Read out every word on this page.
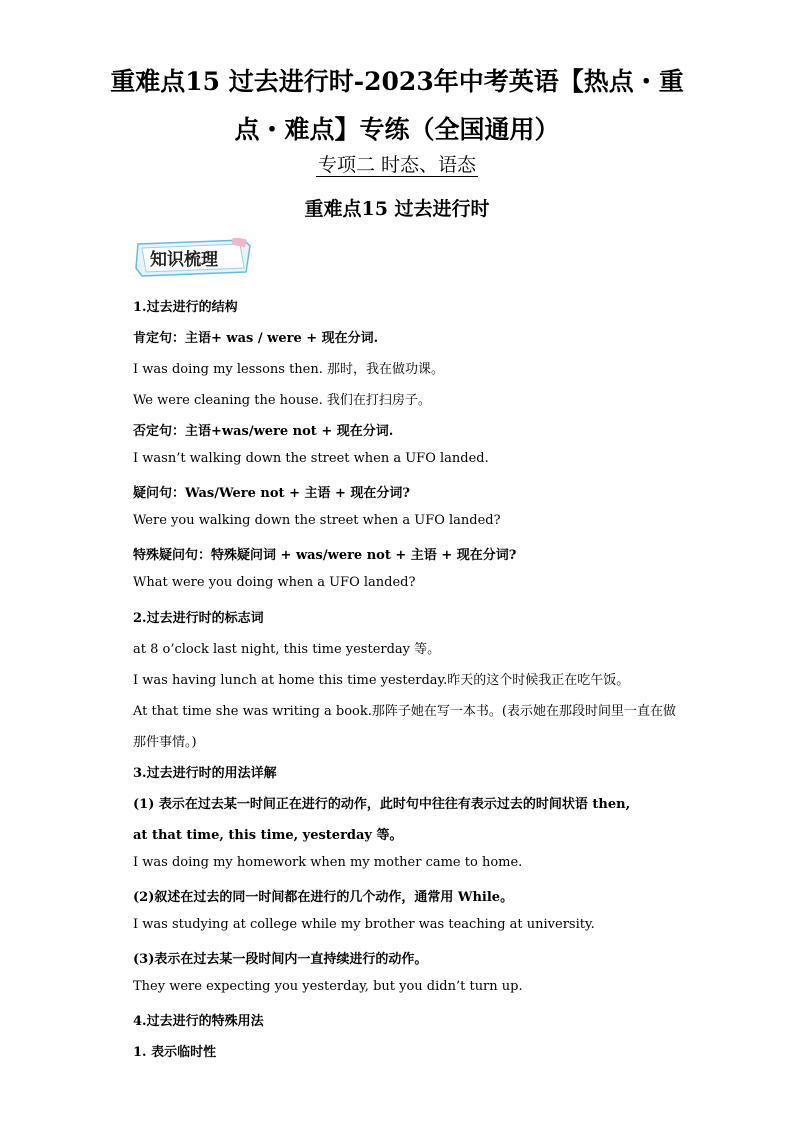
重难点15 过去进行时-2023年中考英语【热点・重
点・难点】专练（全国通用）
专项二 时态、语态
重难点15 过去进行时
知识梳理
1.过去进行的结构
肯定句：主语+ was / were + 现在分词.
I was doing my lessons then. 那时，我在做功课。
We were cleaning the house. 我们在打扫房子。
否定句：主语+was/were not + 现在分词.
I wasn’t walking down the street when a UFO landed.
疑问句：Was/Were not + 主语 + 现在分词?
Were you walking down the street when a UFO landed?
特殊疑问句：特殊疑问词 + was/were not + 主语 + 现在分词?
What were you doing when a UFO landed?
2.过去进行时的标志词
at 8 o’clock last night, this time yesterday 等。
I was having lunch at home this time yesterday.昨天的这个时候我正在吃午饭。
At that time she was writing a book.那阵子她在写一本书。(表示她在那段时间里一直在做
那件事情。)
3.过去进行时的用法详解
(1) 表示在过去某一时间正在进行的动作，此时句中往往有表示过去的时间状语 then,
at that time, this time, yesterday 等。
I was doing my homework when my mother came to home.
(2)叙述在过去的同一时间都在进行的几个动作，通常用 While。
I was studying at college while my brother was teaching at university.
(3)表示在过去某一段时间内一直持续进行的动作。
They were expecting you yesterday, but you didn’t turn up.
4.过去进行的特殊用法
1. 表示临时性
